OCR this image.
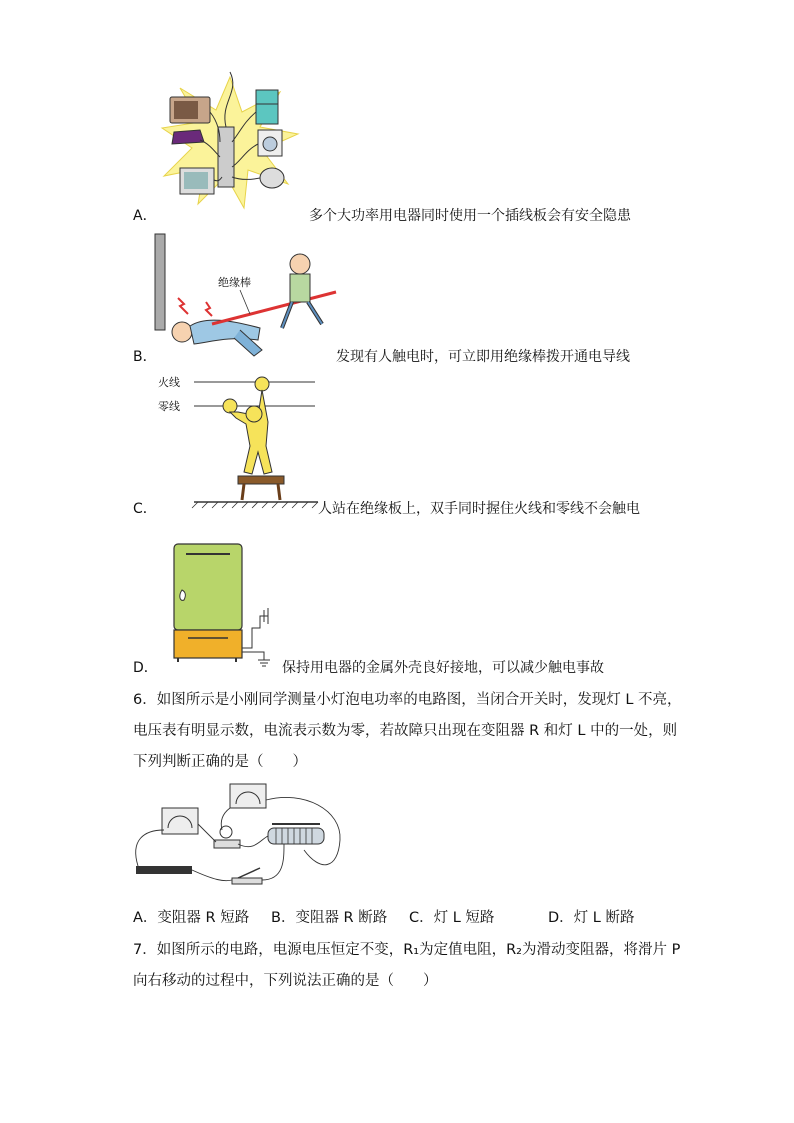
A．	多个大功率用电器同时使用一个插线板会有安全隐患
绝缘棒
B．	发现有人触电时，可立即用绝缘棒拨开通电导线
火线
零线
C．	人站在绝缘板上，双手同时握住火线和零线不会触电
D．	保持用电器的金属外壳良好接地，可以减少触电事故
6．如图所示是小刚同学测量小灯泡电功率的电路图，当闭合开关时，发现灯 L 不亮，
电压表有明显示数，电流表示数为零，若故障只出现在变阻器 R 和灯 L 中的一处，则
下列判断正确的是（　　）
A．变阻器 R 短路 B．变阻器 R 断路 C．灯 L 短路	D．灯 L 断路
7．如图所示的电路，电源电压恒定不变，R₁为定值电阻，R₂为滑动变阻器，将滑片 P
向右移动的过程中，下列说法正确的是（　　）
